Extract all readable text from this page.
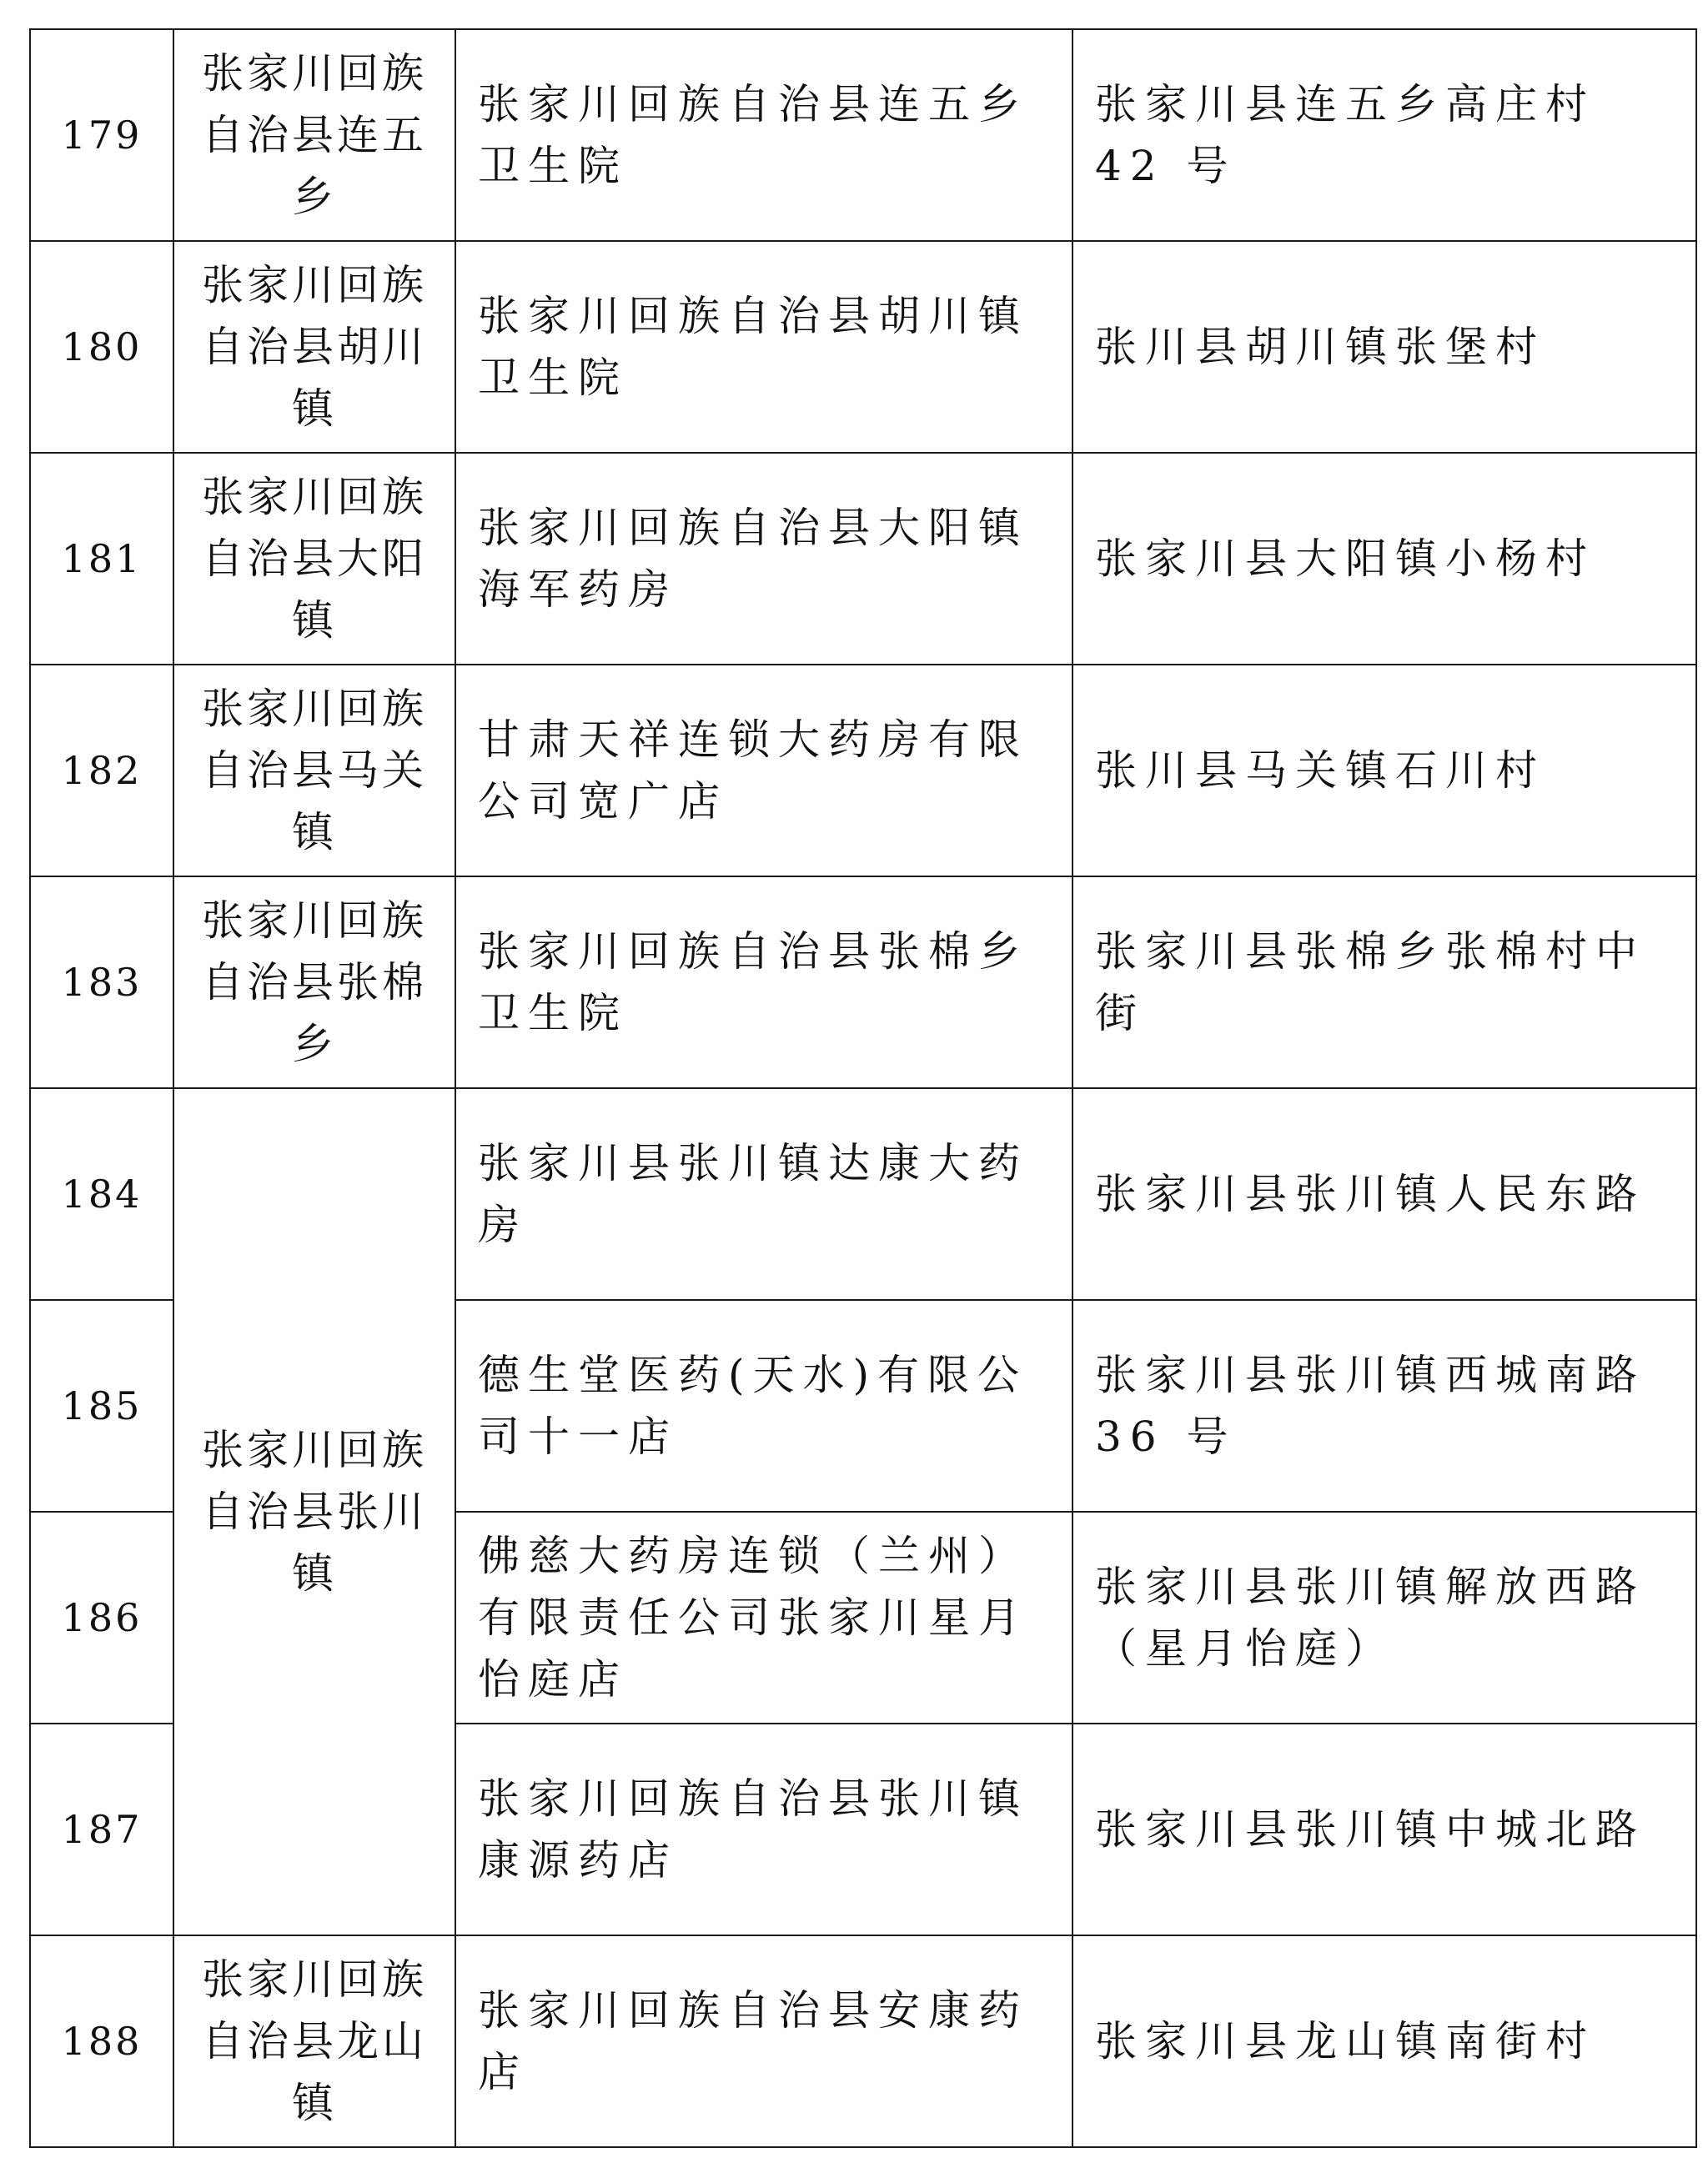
179	张家川回族自治县连五乡	张家川回族自治县连五乡卫生院	张家川县连五乡高庄村 42 号
180	张家川回族自治县胡川镇	张家川回族自治县胡川镇卫生院	张川县胡川镇张堡村
181	张家川回族自治县大阳镇	张家川回族自治县大阳镇海军药房	张家川县大阳镇小杨村
182	张家川回族自治县马关镇	甘肃天祥连锁大药房有限公司宽广店	张川县马关镇石川村
183	张家川回族自治县张棉乡	张家川回族自治县张棉乡卫生院	张家川县张棉乡张棉村中街
184	张家川回族自治县张川镇	张家川县张川镇达康大药房	张家川县张川镇人民东路
185		德生堂医药(天水)有限公司十一店	张家川县张川镇西城南路 36 号
186		佛慈大药房连锁（兰州）有限责任公司张家川星月怡庭店	张家川县张川镇解放西路（星月怡庭）
187		张家川回族自治县张川镇康源药店	张家川县张川镇中城北路
188	张家川回族自治县龙山镇	张家川回族自治县安康药店	张家川县龙山镇南街村
